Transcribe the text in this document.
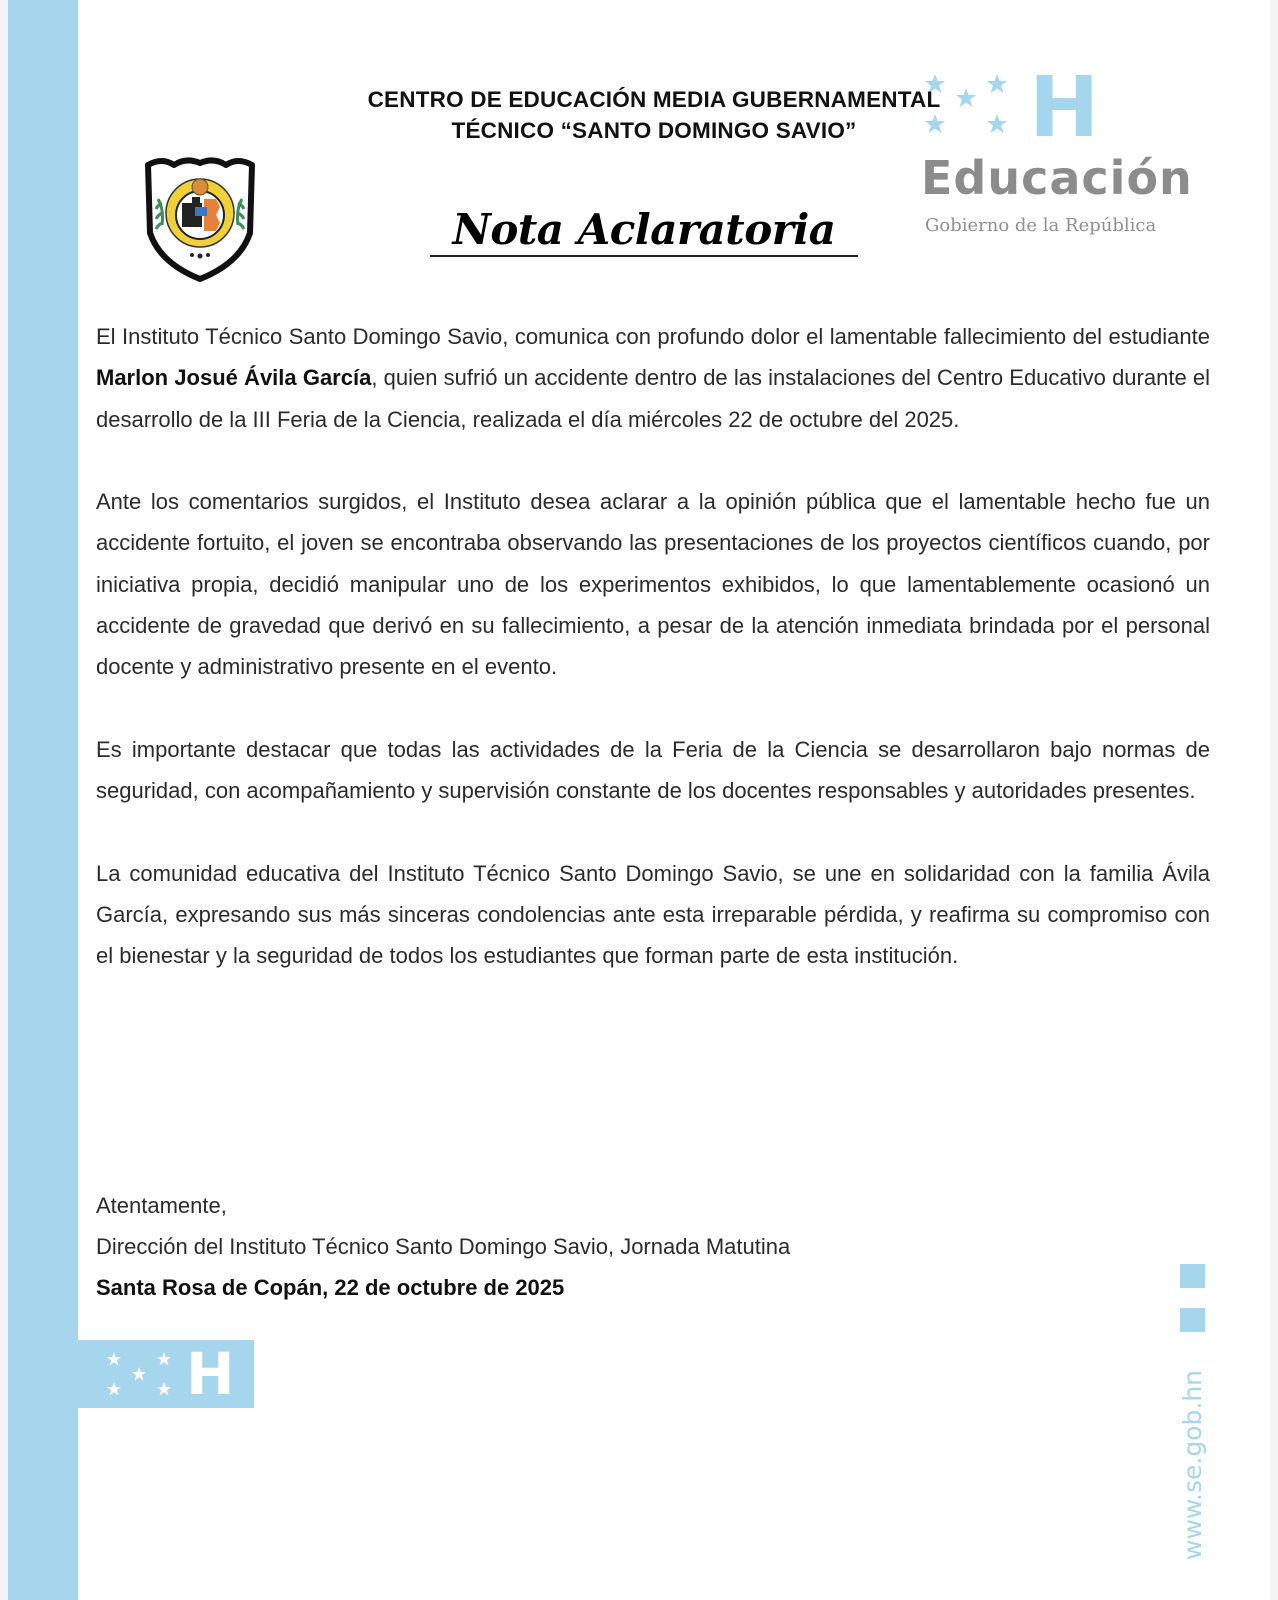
CENTRO DE EDUCACIÓN MEDIA GUBERNAMENTAL
TÉCNICO “SANTO DOMINGO SAVIO”
Nota Aclaratoria
H
Educación
Gobierno de la República

El Instituto Técnico Santo Domingo Savio, comunica con profundo dolor el lamentable fallecimiento del estudiante Marlon Josué Ávila García, quien sufrió un accidente dentro de las instalaciones del Centro Educativo durante el desarrollo de la III Feria de la Ciencia, realizada el día miércoles 22 de octubre del 2025.

Ante los comentarios surgidos, el Instituto desea aclarar a la opinión pública que el lamentable hecho fue un accidente fortuito, el joven se encontraba observando las presentaciones de los proyectos científicos cuando, por iniciativa propia, decidió manipular uno de los experimentos exhibidos, lo que lamentablemente ocasionó un accidente de gravedad que derivó en su fallecimiento, a pesar de la atención inmediata brindada por el personal docente y administrativo presente en el evento.

Es importante destacar que todas las actividades de la Feria de la Ciencia se desarrollaron bajo normas de seguridad, con acompañamiento y supervisión constante de los docentes responsables y autoridades presentes.

La comunidad educativa del Instituto Técnico Santo Domingo Savio, se une en solidaridad con la familia Ávila García, expresando sus más sinceras condolencias ante esta irreparable pérdida, y reafirma su compromiso con el bienestar y la seguridad de todos los estudiantes que forman parte de esta institución.

Atentamente,
Dirección del Instituto Técnico Santo Domingo Savio, Jornada Matutina
Santa Rosa de Copán, 22 de octubre de 2025
H	www.se.gob.hn
